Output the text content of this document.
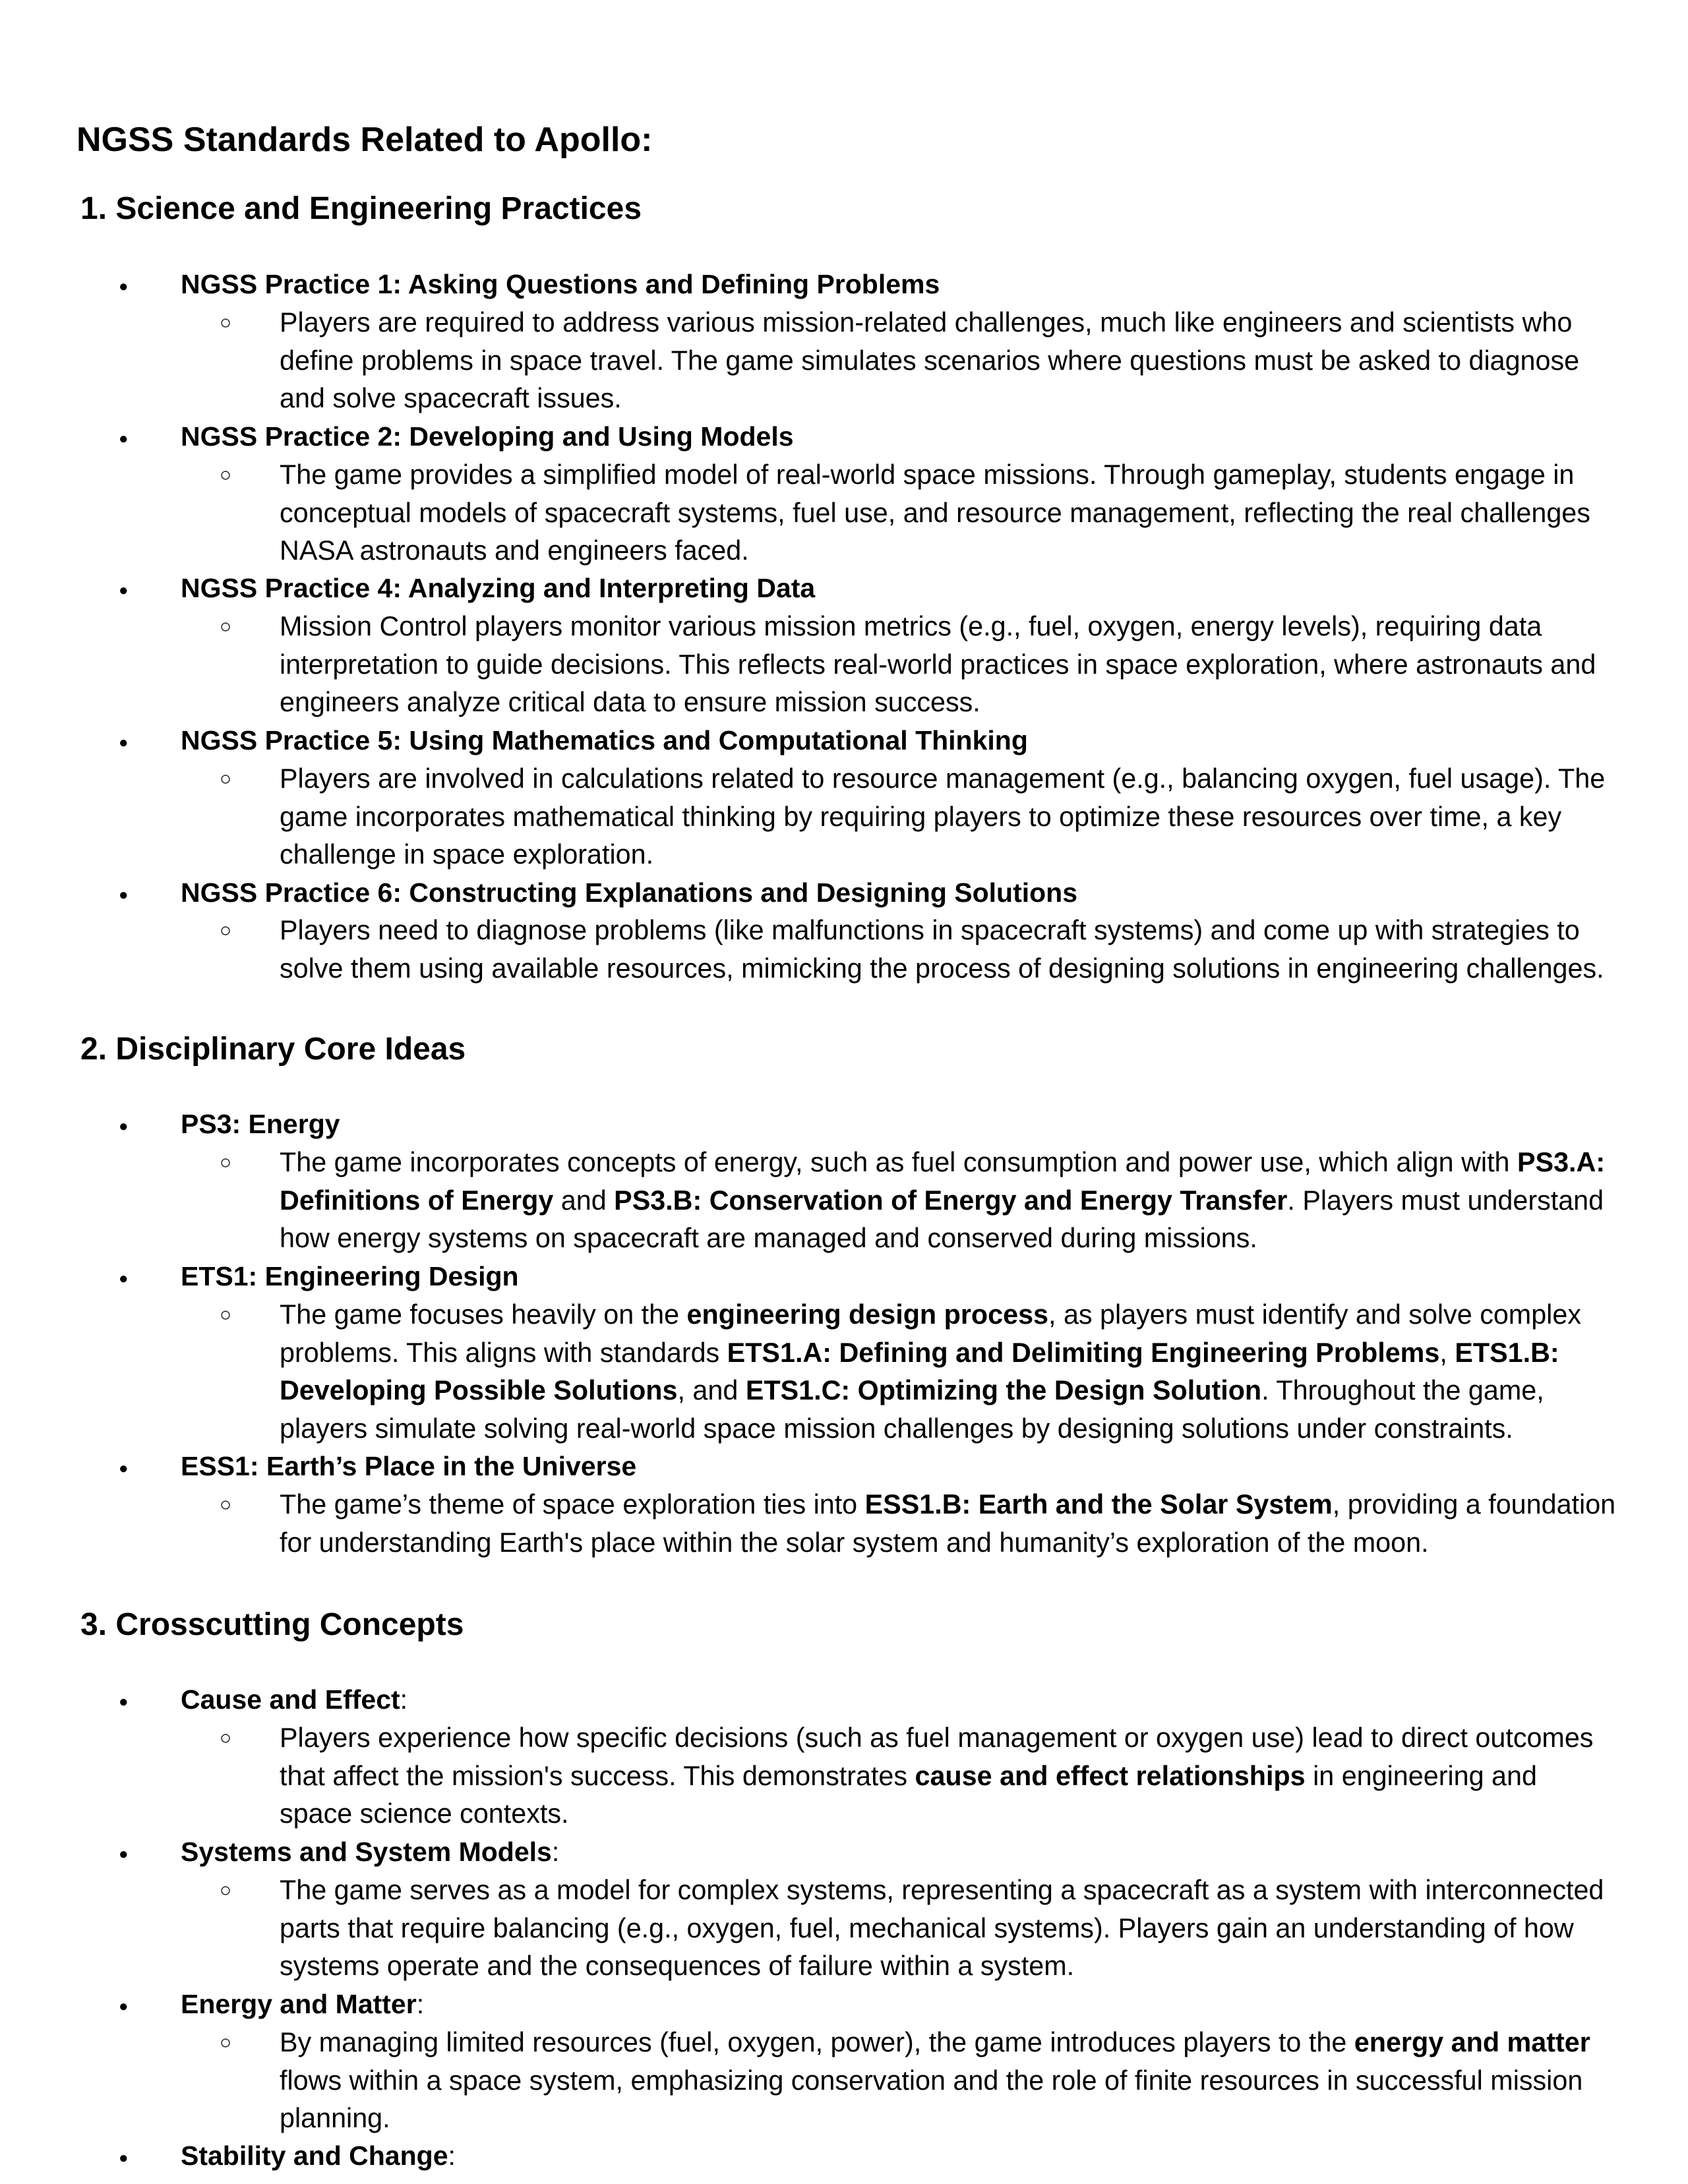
NGSS Standards Related to Apollo:
1. Science and Engineering Practices
●

NGSS Practice 1: Asking Questions and Defining Problems

○

Players are required to address various mission-related challenges, much like engineers and scientists who define problems in space travel. The game simulates scenarios where questions must be asked to diagnose and solve spacecraft issues.

●

NGSS Practice 2: Developing and Using Models

○

The game provides a simplified model of real-world space missions. Through gameplay, students engage in conceptual models of spacecraft systems, fuel use, and resource management, reflecting the real challenges NASA astronauts and engineers faced.

●

NGSS Practice 4: Analyzing and Interpreting Data

○

Mission Control players monitor various mission metrics (e.g., fuel, oxygen, energy levels), requiring data interpretation to guide decisions. This reflects real-world practices in space exploration, where astronauts and engineers analyze critical data to ensure mission success.

●

NGSS Practice 5: Using Mathematics and Computational Thinking

○

Players are involved in calculations related to resource management (e.g., balancing oxygen, fuel usage). The game incorporates mathematical thinking by requiring players to optimize these resources over time, a key challenge in space exploration.

●

NGSS Practice 6: Constructing Explanations and Designing Solutions

○

Players need to diagnose problems (like malfunctions in spacecraft systems) and come up with strategies to solve them using available resources, mimicking the process of designing solutions in engineering challenges.

2. Disciplinary Core Ideas
●

PS3: Energy

○

The game incorporates concepts of energy, such as fuel consumption and power use, which align with PS3.A: Definitions of Energy and PS3.B: Conservation of Energy and Energy Transfer. Players must understand how energy systems on spacecraft are managed and conserved during missions.

●

ETS1: Engineering Design

○

The game focuses heavily on the engineering design process, as players must identify and solve complex problems. This aligns with standards ETS1.A: Defining and Delimiting Engineering Problems, ETS1.B: Developing Possible Solutions, and ETS1.C: Optimizing the Design Solution. Throughout the game, players simulate solving real-world space mission challenges by designing solutions under constraints.

●

ESS1: Earth’s Place in the Universe

○

The game’s theme of space exploration ties into ESS1.B: Earth and the Solar System, providing a foundation for understanding Earth's place within the solar system and humanity’s exploration of the moon.

3. Crosscutting Concepts
●

Cause and Effect:

○

Players experience how specific decisions (such as fuel management or oxygen use) lead to direct outcomes that affect the mission's success. This demonstrates cause and effect relationships in engineering and space science contexts.

●

Systems and System Models:

○

The game serves as a model for complex systems, representing a spacecraft as a system with interconnected parts that require balancing (e.g., oxygen, fuel, mechanical systems). Players gain an understanding of how systems operate and the consequences of failure within a system.

●

Energy and Matter:

○

By managing limited resources (fuel, oxygen, power), the game introduces players to the energy and matter flows within a space system, emphasizing conservation and the role of finite resources in successful mission planning.

●

Stability and Change:
